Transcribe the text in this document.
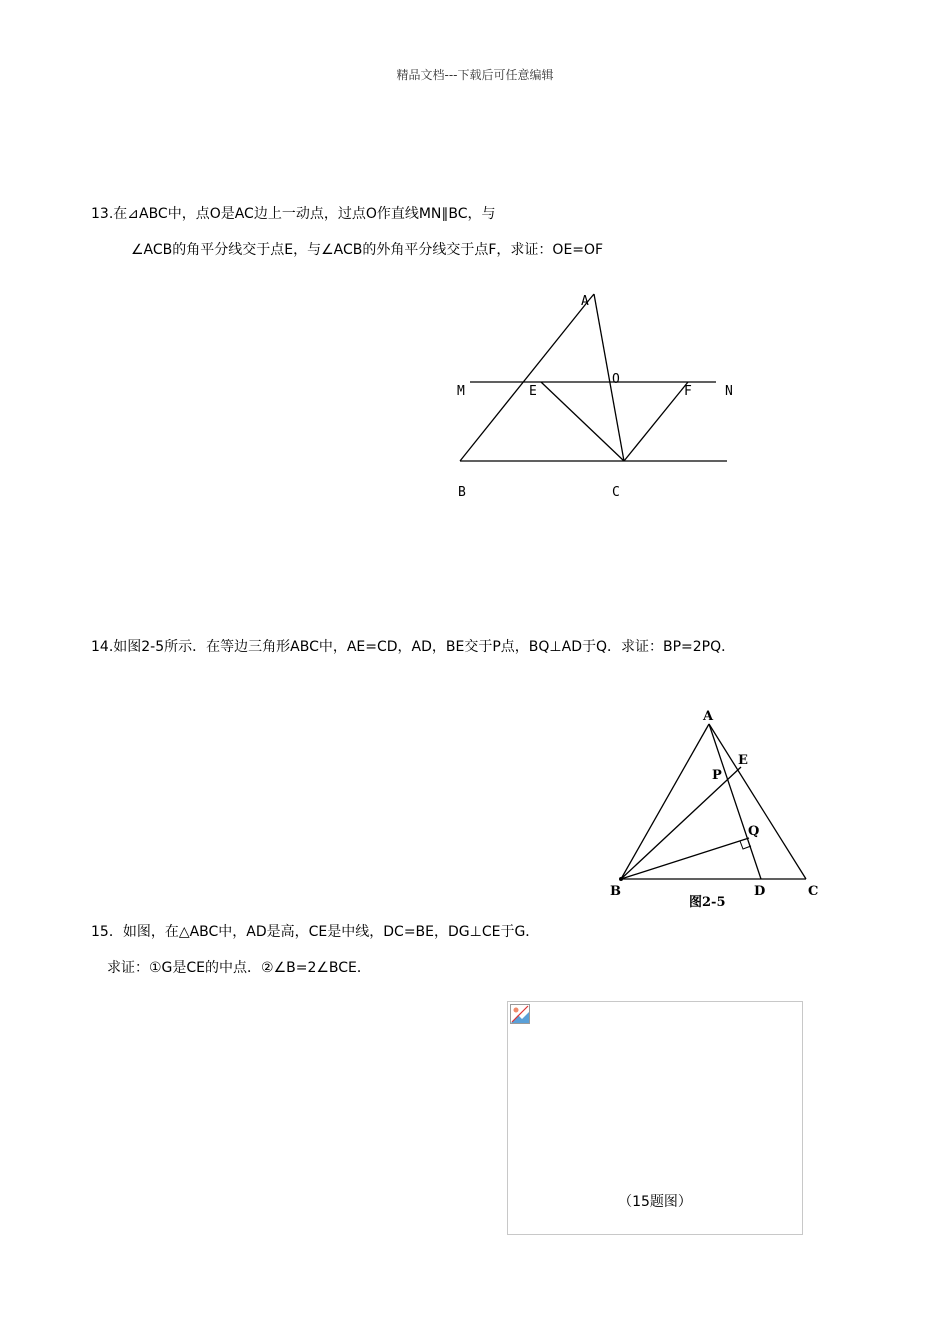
精品文档---下载后可任意编辑
13.在⊿ABC中，点O是AC边上一动点，过点O作直线MN∥BC，与
∠ACB的角平分线交于点E，与∠ACB的外角平分线交于点F，求证：OE=OF
A
O
M	E	F	N
B	C
14.如图2-5所示．在等边三角形ABC中，AE=CD，AD，BE交于P点，BQ⊥AD于Q．求证：BP=2PQ．
A
E
P
Q
B	D	C
图2-5
15．如图，在△ABC中，AD是高，CE是中线，DC=BE，DG⊥CE于G．
求证：①G是CE的中点．②∠B=2∠BCE．
（15题图）
